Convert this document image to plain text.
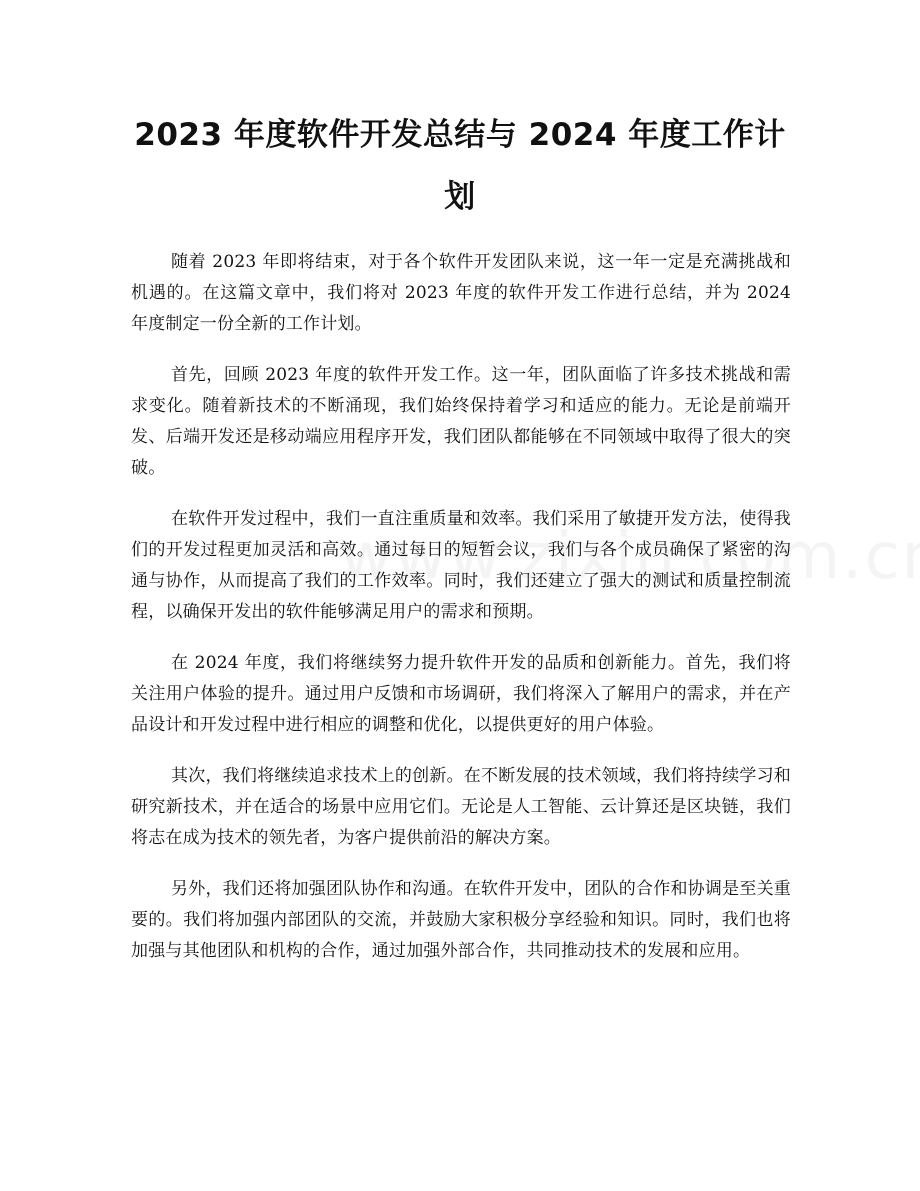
2023 年度软件开发总结与 2024 年度工作计划

随着 2023 年即将结束，对于各个软件开发团队来说，这一年一定是充满挑战和机遇的。在这篇文章中，我们将对 2023 年度的软件开发工作进行总结，并为 2024 年度制定一份全新的工作计划。

首先，回顾 2023 年度的软件开发工作。这一年，团队面临了许多技术挑战和需求变化。随着新技术的不断涌现，我们始终保持着学习和适应的能力。无论是前端开发、后端开发还是移动端应用程序开发，我们团队都能够在不同领域中取得了很大的突破。

在软件开发过程中，我们一直注重质量和效率。我们采用了敏捷开发方法，使得我们的开发过程更加灵活和高效。通过每日的短暂会议，我们与各个成员确保了紧密的沟通与协作，从而提高了我们的工作效率。同时，我们还建立了强大的测试和质量控制流程，以确保开发出的软件能够满足用户的需求和预期。

在 2024 年度，我们将继续努力提升软件开发的品质和创新能力。首先，我们将关注用户体验的提升。通过用户反馈和市场调研，我们将深入了解用户的需求，并在产品设计和开发过程中进行相应的调整和优化，以提供更好的用户体验。

其次，我们将继续追求技术上的创新。在不断发展的技术领域，我们将持续学习和研究新技术，并在适合的场景中应用它们。无论是人工智能、云计算还是区块链，我们将志在成为技术的领先者，为客户提供前沿的解决方案。

另外，我们还将加强团队协作和沟通。在软件开发中，团队的合作和协调是至关重要的。我们将加强内部团队的交流，并鼓励大家积极分享经验和知识。同时，我们也将加强与其他团队和机构的合作，通过加强外部合作，共同推动技术的发展和应用。
